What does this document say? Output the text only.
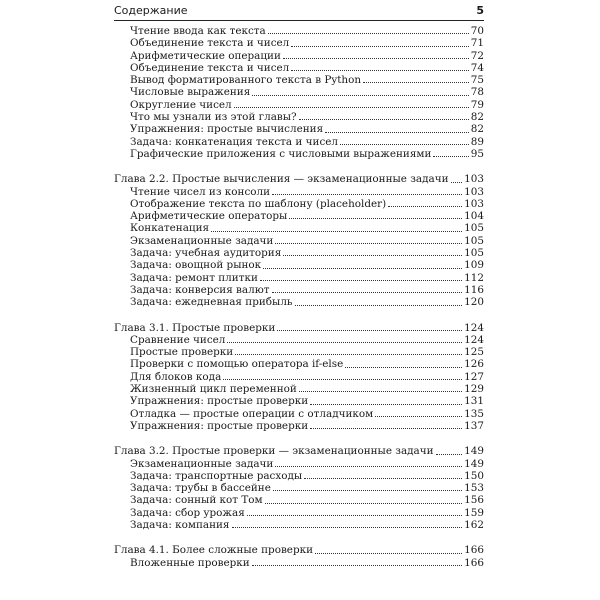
Содержание	5
Чтение ввода как текста	70
Объединение текста и чисел	71
Арифметические операции	72
Объединение текста и чисел	74
Вывод форматированного текста в Python	75
Числовые выражения	78
Округление чисел	79
Что мы узнали из этой главы?	82
Упражнения: простые вычисления	82
Задача: конкатенация текста и чисел	89
Графические приложения с числовыми выражениями	95
Глава 2.2. Простые вычисления — экзаменационные задачи 103
Чтение чисел из консоли	103
Отображение текста по шаблону (placeholder)	103
Арифметические операторы	104
Конкатенация	105
Экзаменационные задачи	105
Задача: учебная аудитория	105
Задача: овощной рынок	109
Задача: ремонт плитки	112
Задача: конверсия валют	116
Задача: ежедневная прибыль	120
Глава 3.1. Простые проверки	124
Сравнение чисел	124
Простые проверки	125
Проверки с помощью оператора if-else	126
Для блоков кода	127
Жизненный цикл переменной	129
Упражнения: простые проверки	131
Отладка — простые операции с отладчиком	135
Упражнения: простые проверки	137
Глава 3.2. Простые проверки — экзаменационные задачи	149
Экзаменационные задачи	149
Задача: транспортные расходы	150
Задача: трубы в бассейне	153
Задача: сонный кот Том	156
Задача: сбор урожая	159
Задача: компания	162
Глава 4.1. Более сложные проверки	166
Вложенные проверки	166
